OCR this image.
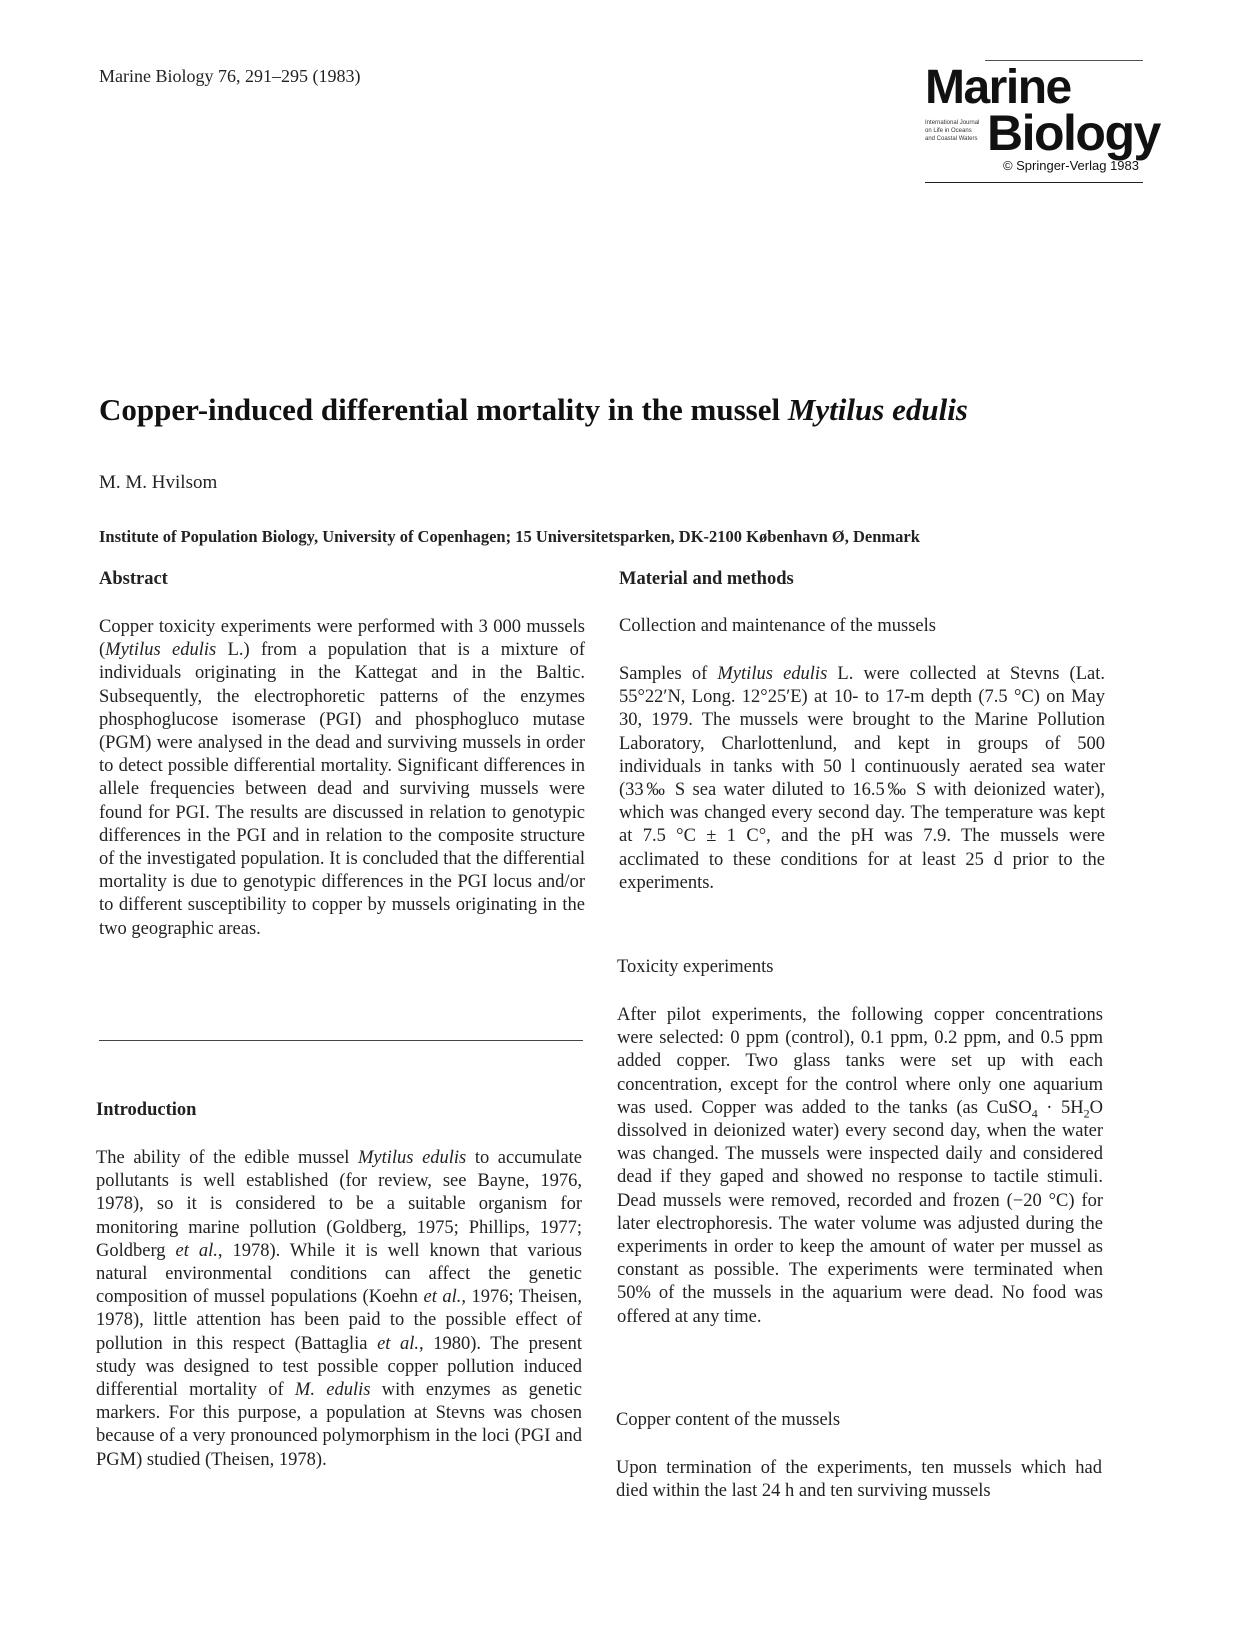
Marine Biology 76, 291–295 (1983)	Marine
International Journal
on Life in Oceans
and Coastal Waters Biology
© Springer-Verlag 1983
Copper-induced differential mortality in the mussel Mytilus edulis
M. M. Hvilsom
Institute of Population Biology, University of Copenhagen; 15 Universitetsparken, DK-2100 København Ø, Denmark
Abstract

Copper toxicity experiments were performed with 3 000 mussels (Mytilus edulis L.) from a population that is a mixture of individuals originating in the Kattegat and in the Baltic. Subsequently, the electrophoretic patterns of the enzymes phosphoglucose isomerase (PGI) and phosphogluco mutase (PGM) were analysed in the dead and surviving mussels in order to detect possible differential mortality. Significant differences in allele frequencies between dead and surviving mussels were found for PGI. The results are discussed in relation to genotypic differences in the PGI and in relation to the composite structure of the investigated population. It is concluded that the differential mortality is due to genotypic differences in the PGI locus and/or to different susceptibility to copper by mussels originating in the two geographic areas.

Introduction

The ability of the edible mussel Mytilus edulis to accumulate pollutants is well established (for review, see Bayne, 1976, 1978), so it is considered to be a suitable organism for monitoring marine pollution (Goldberg, 1975; Phillips, 1977; Goldberg et al., 1978). While it is well known that various natural environmental conditions can affect the genetic composition of mussel populations (Koehn et al., 1976; Theisen, 1978), little attention has been paid to the possible effect of pollution in this respect (Battaglia et al., 1980). The present study was designed to test possible copper pollution induced differential mortality of M. edulis with enzymes as genetic markers. For this purpose, a population at Stevns was chosen because of a very pronounced polymorphism in the loci (PGI and PGM) studied (Theisen, 1978).

Material and methods
Collection and maintenance of the mussels

Samples of Mytilus edulis L. were collected at Stevns (Lat. 55°22′N, Long. 12°25′E) at 10- to 17-m depth (7.5 °C) on May 30, 1979. The mussels were brought to the Marine Pollution Laboratory, Charlottenlund, and kept in groups of 500 individuals in tanks with 50 l continuously aerated sea water (33‰ S sea water diluted to 16.5‰ S with deionized water), which was changed every second day. The temperature was kept at 7.5 °C ± 1 C°, and the pH was 7.9. The mussels were acclimated to these conditions for at least 25 d prior to the experiments.

Toxicity experiments

After pilot experiments, the following copper concentrations were selected: 0 ppm (control), 0.1 ppm, 0.2 ppm, and 0.5 ppm added copper. Two glass tanks were set up with each concentration, except for the control where only one aquarium was used. Copper was added to the tanks (as CuSO$_4$ · $5H_2O$ dissolved in deionized water) every second day, when the water was changed. The mussels were inspected daily and considered dead if they gaped and showed no response to tactile stimuli. Dead mussels were removed, recorded and frozen (−20 °C) for later electrophoresis. The water volume was adjusted during the experiments in order to keep the amount of water per mussel as constant as possible. The experiments were terminated when 50% of the mussels in the aquarium were dead. No food was offered at any time.

Copper content of the mussels

Upon termination of the experiments, ten mussels which had died within the last 24 h and ten surviving mussels
